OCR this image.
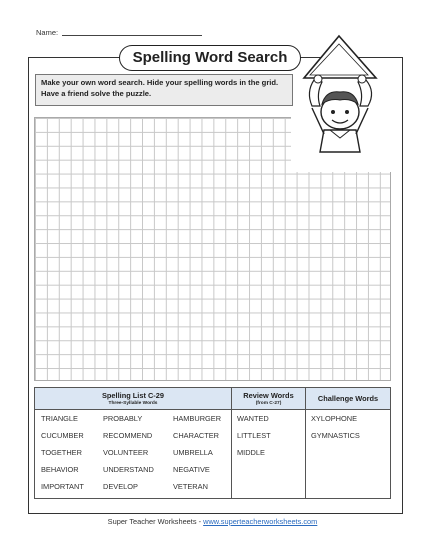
Name:
Spelling Word Search
Make your own word search. Hide your spelling words in the grid. Have a friend solve the puzzle.
Spelling List C-29
Three-Syllable Words
Review Words
(from C-27)
Challenge Words
TRIANGLE
CUCUMBER
TOGETHER
BEHAVIOR
IMPORTANT
PROBABLY
RECOMMEND
VOLUNTEER
UNDERSTAND
DEVELOP
HAMBURGER
CHARACTER
UMBRELLA
NEGATIVE
VETERAN
WANTED
LITTLEST
MIDDLE
XYLOPHONE
GYMNASTICS
Super Teacher Worksheets - www.superteacherworksheets.com
